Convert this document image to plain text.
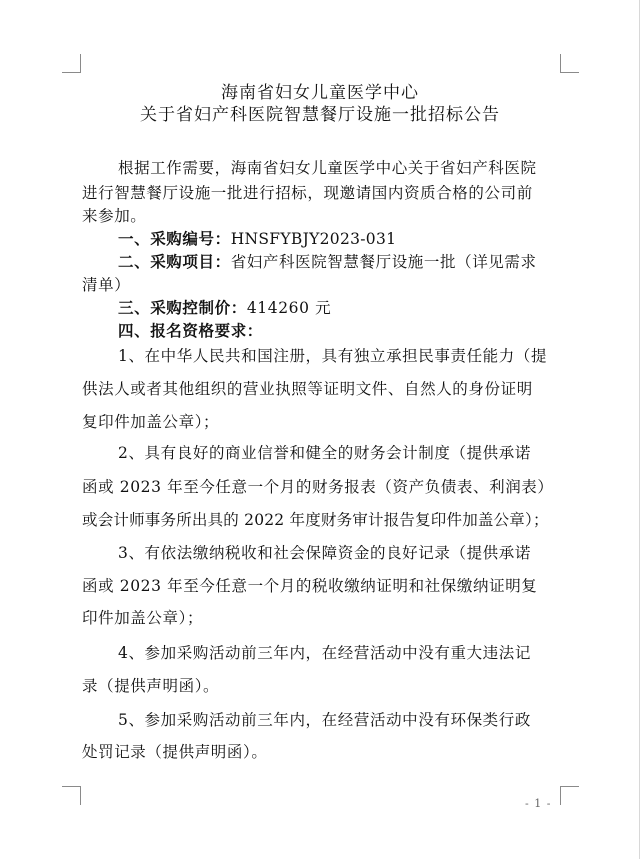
海南省妇女儿童医学中心
关于省妇产科医院智慧餐厅设施一批招标公告
根据工作需要，海南省妇女儿童医学中心关于省妇产科医院
进行智慧餐厅设施一批进行招标，现邀请国内资质合格的公司前
来参加。
一、采购编号：HNSFYBJY2023-031
二、采购项目：省妇产科医院智慧餐厅设施一批（详见需求
清单）
三、采购控制价：414260 元
四、报名资格要求：
1、在中华人民共和国注册，具有独立承担民事责任能力（提
供法人或者其他组织的营业执照等证明文件、自然人的身份证明
复印件加盖公章）；
2、具有良好的商业信誉和健全的财务会计制度（提供承诺
函或 2023 年至今任意一个月的财务报表（资产负债表、利润表）
或会计师事务所出具的 2022 年度财务审计报告复印件加盖公章）；
3、有依法缴纳税收和社会保障资金的良好记录（提供承诺
函或 2023 年至今任意一个月的税收缴纳证明和社保缴纳证明复
印件加盖公章）；
4、参加采购活动前三年内，在经营活动中没有重大违法记
录（提供声明函）。
5、参加采购活动前三年内，在经营活动中没有环保类行政
处罚记录（提供声明函）。
- 1 -
